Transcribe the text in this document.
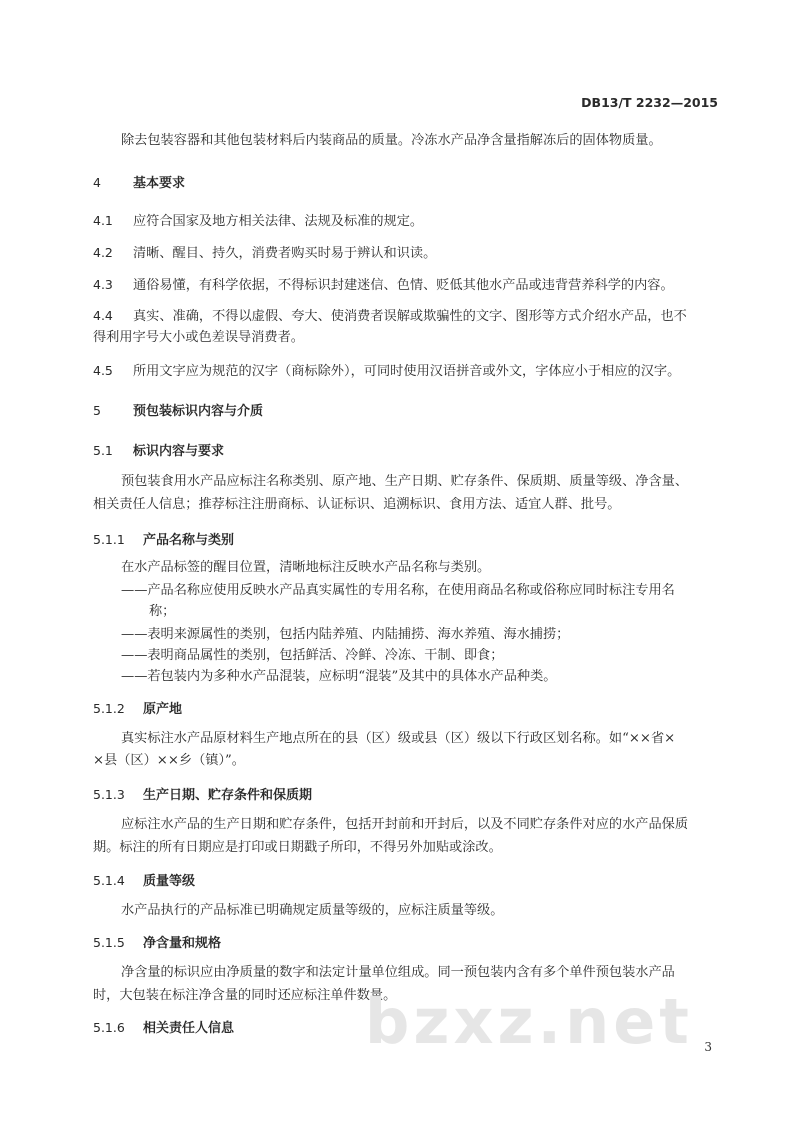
DB13/T 2232—2015
除去包装容器和其他包装材料后内装商品的质量。冷冻水产品净含量指解冻后的固体物质量。
4 基本要求
4.1 应符合国家及地方相关法律、法规及标准的规定。
4.2 清晰、醒目、持久，消费者购买时易于辨认和识读。
4.3 通俗易懂，有科学依据，不得标识封建迷信、色情、贬低其他水产品或违背营养科学的内容。
4.4 真实、准确，不得以虚假、夸大、使消费者误解或欺骗性的文字、图形等方式介绍水产品，也不
得利用字号大小或色差误导消费者。
4.5 所用文字应为规范的汉字（商标除外），可同时使用汉语拼音或外文，字体应小于相应的汉字。
5 预包装标识内容与介质
5.1 标识内容与要求
预包装食用水产品应标注名称类别、原产地、生产日期、贮存条件、保质期、质量等级、净含量、
相关责任人信息；推荐标注注册商标、认证标识、追溯标识、食用方法、适宜人群、批号。
5.1.1 产品名称与类别
在水产品标签的醒目位置，清晰地标注反映水产品名称与类别。
——产品名称应使用反映水产品真实属性的专用名称，在使用商品名称或俗称应同时标注专用名
称；
——表明来源属性的类别，包括内陆养殖、内陆捕捞、海水养殖、海水捕捞；
——表明商品属性的类别，包括鲜活、冷鲜、冷冻、干制、即食；
——若包装内为多种水产品混装，应标明“混装”及其中的具体水产品种类。
5.1.2 原产地
真实标注水产品原材料生产地点所在的县（区）级或县（区）级以下行政区划名称。如“××省×
×县（区）××乡（镇）”。
5.1.3 生产日期、贮存条件和保质期
应标注水产品的生产日期和贮存条件，包括开封前和开封后，以及不同贮存条件对应的水产品保质
期。标注的所有日期应是打印或日期戳子所印，不得另外加贴或涂改。
5.1.4 质量等级
水产品执行的产品标准已明确规定质量等级的，应标注质量等级。
5.1.5 净含量和规格
净含量的标识应由净质量的数字和法定计量单位组成。同一预包装内含有多个单件预包装水产品
时，大包装在标注净含量的同时还应标注单件数量。
5.1.6 相关责任人信息	bzxz.net 3
